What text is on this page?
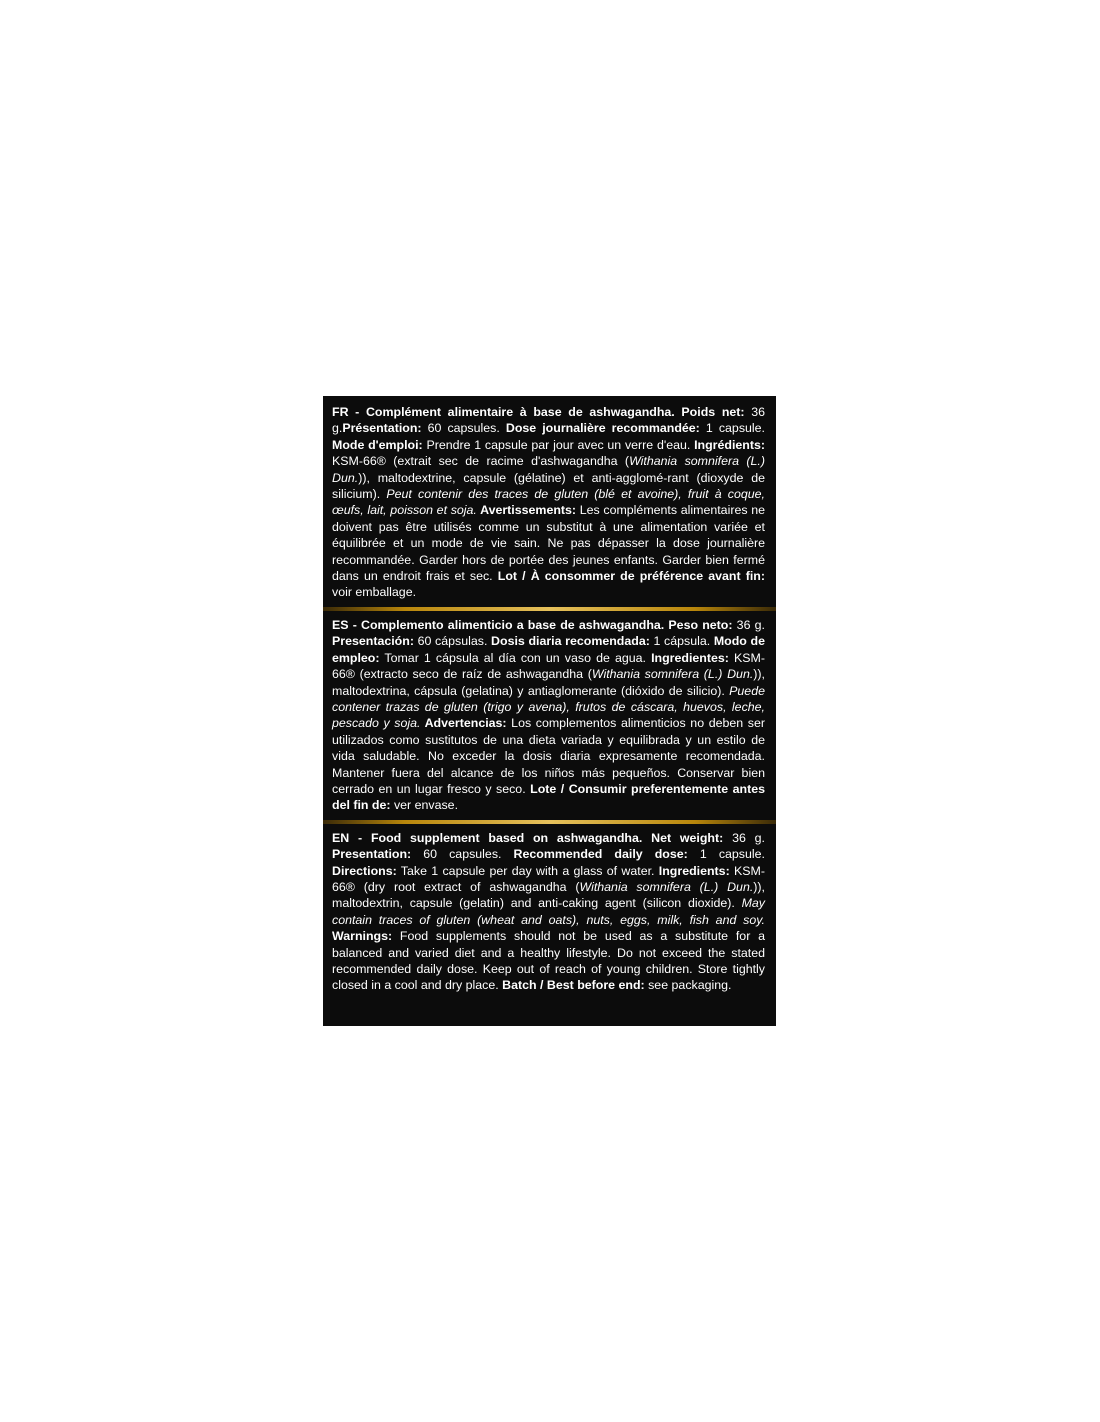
FR - Complément alimentaire à base de ashwagandha. Poids net: 36 g.Présentation: 60 capsules. Dose journalière recommandée: 1 capsule. Mode d'emploi: Prendre 1 capsule par jour avec un verre d'eau. Ingrédients: KSM-66® (extrait sec de racime d'ashwagandha (Withania somnifera (L.) Dun.)), maltodextrine, capsule (gélatine) et anti-agglomé-rant (dioxyde de silicium). Peut contenir des traces de gluten (blé et avoine), fruit à coque, œufs, lait, poisson et soja. Avertissements: Les compléments alimentaires ne doivent pas être utilisés comme un substitut à une alimentation variée et équilibrée et un mode de vie sain. Ne pas dépasser la dose journalière recommandée. Garder hors de portée des jeunes enfants. Garder bien fermé dans un endroit frais et sec. Lot / À consommer de préférence avant fin: voir emballage.

ES - Complemento alimenticio a base de ashwagandha. Peso neto: 36 g. Presentación: 60 cápsulas. Dosis diaria recomendada: 1 cápsula. Modo de empleo: Tomar 1 cápsula al día con un vaso de agua. Ingredientes: KSM-66® (extracto seco de raíz de ashwagandha (Withania somnifera (L.) Dun.)), maltodextrina, cápsula (gelatina) y antiaglomerante (dióxido de silicio). Puede contener trazas de gluten (trigo y avena), frutos de cáscara, huevos, leche, pescado y soja. Advertencias: Los complementos alimenticios no deben ser utilizados como sustitutos de una dieta variada y equilibrada y un estilo de vida saludable. No exceder la dosis diaria expresamente recomendada. Mantener fuera del alcance de los niños más pequeños. Conservar bien cerrado en un lugar fresco y seco. Lote / Consumir preferentemente antes del fin de: ver envase.

EN - Food supplement based on ashwagandha. Net weight: 36 g. Presentation: 60 capsules. Recommended daily dose: 1 capsule. Directions: Take 1 capsule per day with a glass of water. Ingredients: KSM-66® (dry root extract of ashwagandha (Withania somnifera (L.) Dun.)), maltodextrin, capsule (gelatin) and anti-caking agent (silicon dioxide). May contain traces of gluten (wheat and oats), nuts, eggs, milk, fish and soy. Warnings: Food supplements should not be used as a substitute for a balanced and varied diet and a healthy lifestyle. Do not exceed the stated recommended daily dose. Keep out of reach of young children. Store tightly closed in a cool and dry place. Batch / Best before end: see packaging.
